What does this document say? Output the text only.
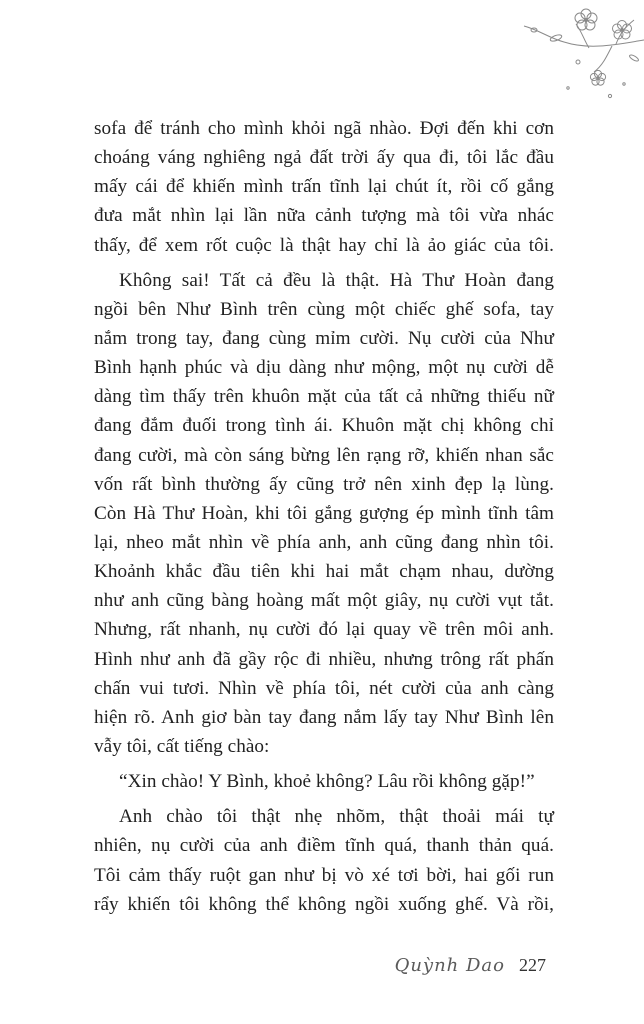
sofa để tránh cho mình khỏi ngã nhào. Đợi đến khi cơn
choáng váng nghiêng ngả đất trời ấy qua đi, tôi lắc đầu
mấy cái để khiến mình trấn tĩnh lại chút ít, rồi cố gắng
đưa mắt nhìn lại lần nữa cảnh tượng mà tôi vừa nhác
thấy, để xem rốt cuộc là thật hay chỉ là ảo giác của tôi.
Không sai! Tất cả đều là thật. Hà Thư Hoàn đang
ngồi bên Như Bình trên cùng một chiếc ghế sofa, tay
nắm trong tay, đang cùng mỉm cười. Nụ cười của Như
Bình hạnh phúc và dịu dàng như mộng, một nụ cười dễ
dàng tìm thấy trên khuôn mặt của tất cả những thiếu nữ
đang đắm đuối trong tình ái. Khuôn mặt chị không chỉ
đang cười, mà còn sáng bừng lên rạng rỡ, khiến nhan sắc
vốn rất bình thường ấy cũng trở nên xinh đẹp lạ lùng.
Còn Hà Thư Hoàn, khi tôi gắng gượng ép mình tĩnh tâm
lại, nheo mắt nhìn về phía anh, anh cũng đang nhìn tôi.
Khoảnh khắc đầu tiên khi hai mắt chạm nhau, dường
như anh cũng bàng hoàng mất một giây, nụ cười vụt tắt.
Nhưng, rất nhanh, nụ cười đó lại quay về trên môi anh.
Hình như anh đã gầy rộc đi nhiều, nhưng trông rất phấn
chấn vui tươi. Nhìn về phía tôi, nét cười của anh càng
hiện rõ. Anh giơ bàn tay đang nắm lấy tay Như Bình lên
vẫy tôi, cất tiếng chào:
“Xin chào! Y Bình, khoẻ không? Lâu rồi không gặp!”
Anh chào tôi thật nhẹ nhõm, thật thoải mái tự
nhiên, nụ cười của anh điềm tĩnh quá, thanh thản quá.
Tôi cảm thấy ruột gan như bị vò xé tơi bời, hai gối run
rẩy khiến tôi không thể không ngồi xuống ghế. Và rồi,
Quỳnh Dao 227
